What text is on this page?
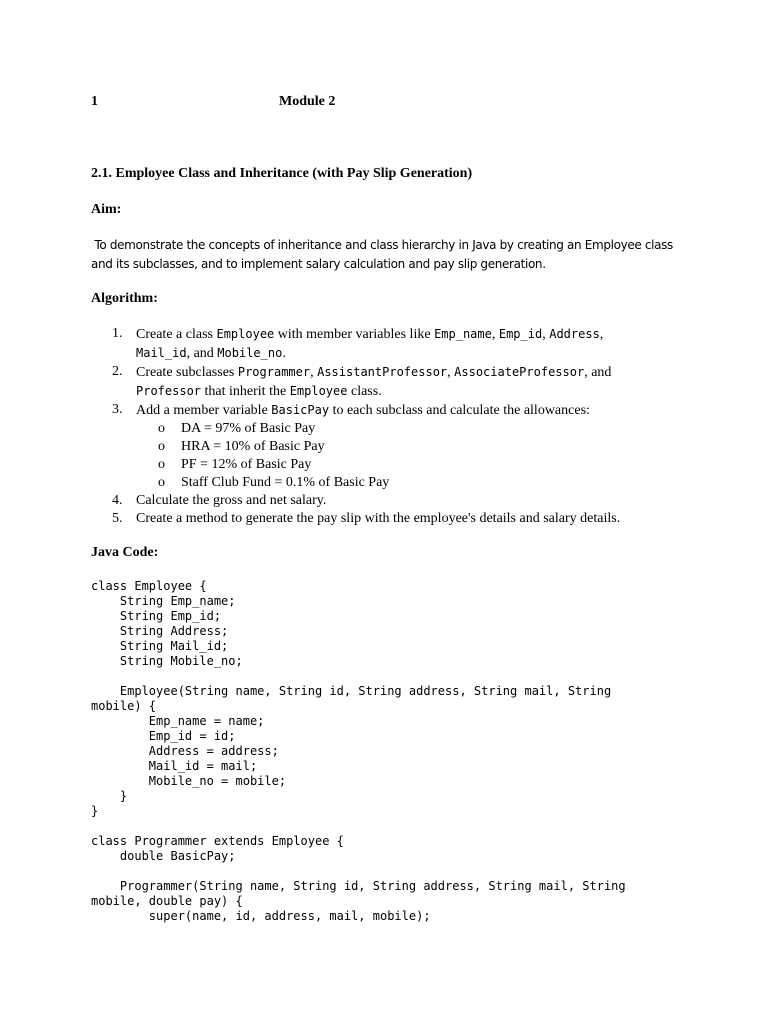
1	Module 2
2.1. Employee Class and Inheritance (with Pay Slip Generation)
Aim:
To demonstrate the concepts of inheritance and class hierarchy in Java by creating an Employee class
and its subclasses, and to implement salary calculation and pay slip generation.
Algorithm:
1. Create a class Employee with member variables like Emp_name, Emp_id, Address,
Mail_id, and Mobile_no.
2. Create subclasses Programmer, AssistantProfessor, AssociateProfessor, and
Professor that inherit the Employee class.
3. Add a member variable BasicPay to each subclass and calculate the allowances:
o DA = 97% of Basic Pay
o HRA = 10% of Basic Pay
o PF = 12% of Basic Pay
o Staff Club Fund = 0.1% of Basic Pay
4. Calculate the gross and net salary.
5. Create a method to generate the pay slip with the employee's details and salary details.
Java Code:
class Employee {
String Emp_name;
String Emp_id;
String Address;
String Mail_id;
String Mobile_no;

Employee(String name, String id, String address, String mail, String
mobile) {
Emp_name = name;
Emp_id = id;
Address = address;
Mail_id = mail;
Mobile_no = mobile;
}
}

class Programmer extends Employee {
double BasicPay;

Programmer(String name, String id, String address, String mail, String
mobile, double pay) {
super(name, id, address, mail, mobile);
